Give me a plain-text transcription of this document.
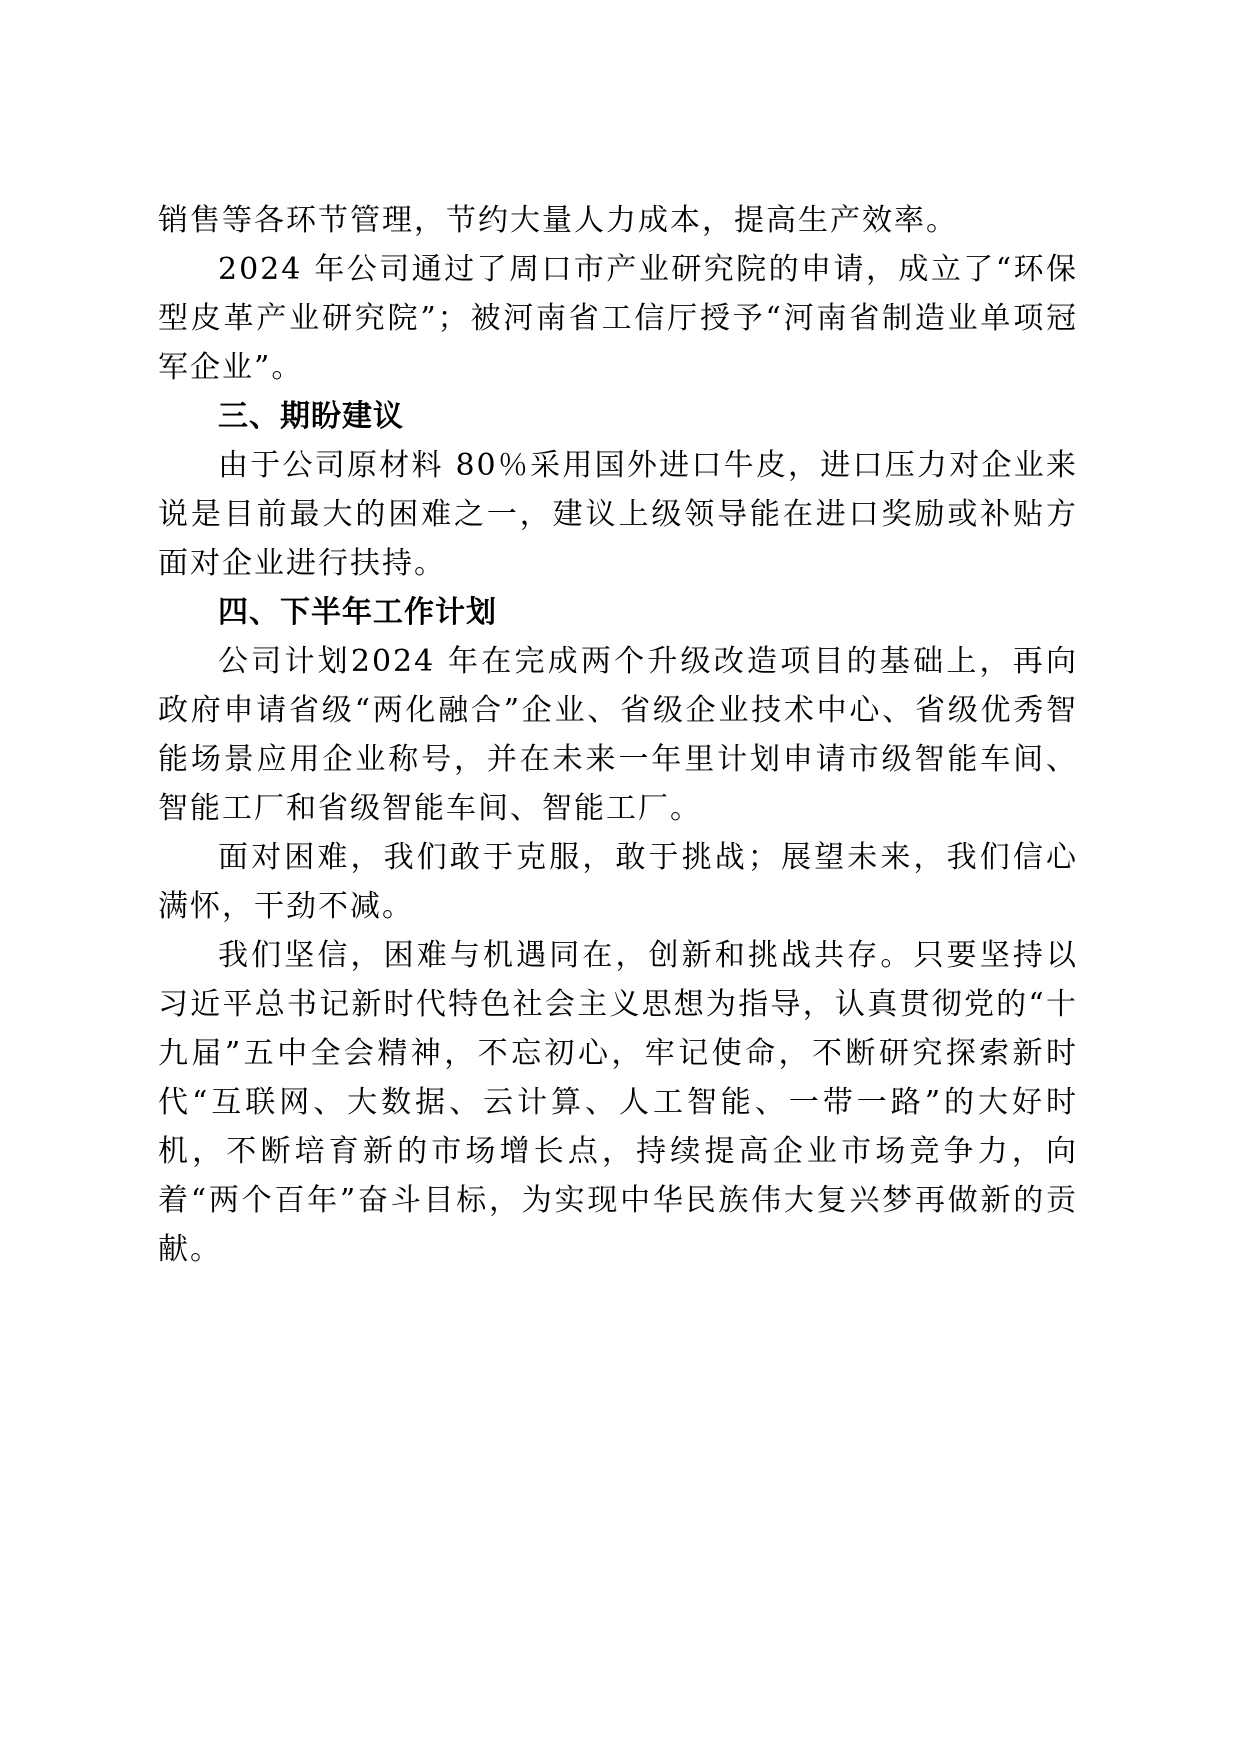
销售等各环节管理，节约大量人力成本，提高生产效率。

2024 年公司通过了周口市产业研究院的申请，成立了“环保型皮革产业研究院”；被河南省工信厅授予“河南省制造业单项冠军企业”。

三、期盼建议

由于公司原材料 80％采用国外进口牛皮，进口压力对企业来说是目前最大的困难之一，建议上级领导能在进口奖励或补贴方面对企业进行扶持。

四、下半年工作计划

公司计划2024 年在完成两个升级改造项目的基础上，再向政府申请省级“两化融合”企业、省级企业技术中心、省级优秀智能场景应用企业称号，并在未来一年里计划申请市级智能车间、智能工厂和省级智能车间、智能工厂。

面对困难，我们敢于克服，敢于挑战；展望未来，我们信心满怀，干劲不减。

我们坚信，困难与机遇同在，创新和挑战共存。只要坚持以习近平总书记新时代特色社会主义思想为指导，认真贯彻党的“十九届”五中全会精神，不忘初心，牢记使命，不断研究探索新时代“互联网、大数据、云计算、人工智能、一带一路”的大好时机，不断培育新的市场增长点，持续提高企业市场竞争力，向着“两个百年”奋斗目标，为实现中华民族伟大复兴梦再做新的贡献。
